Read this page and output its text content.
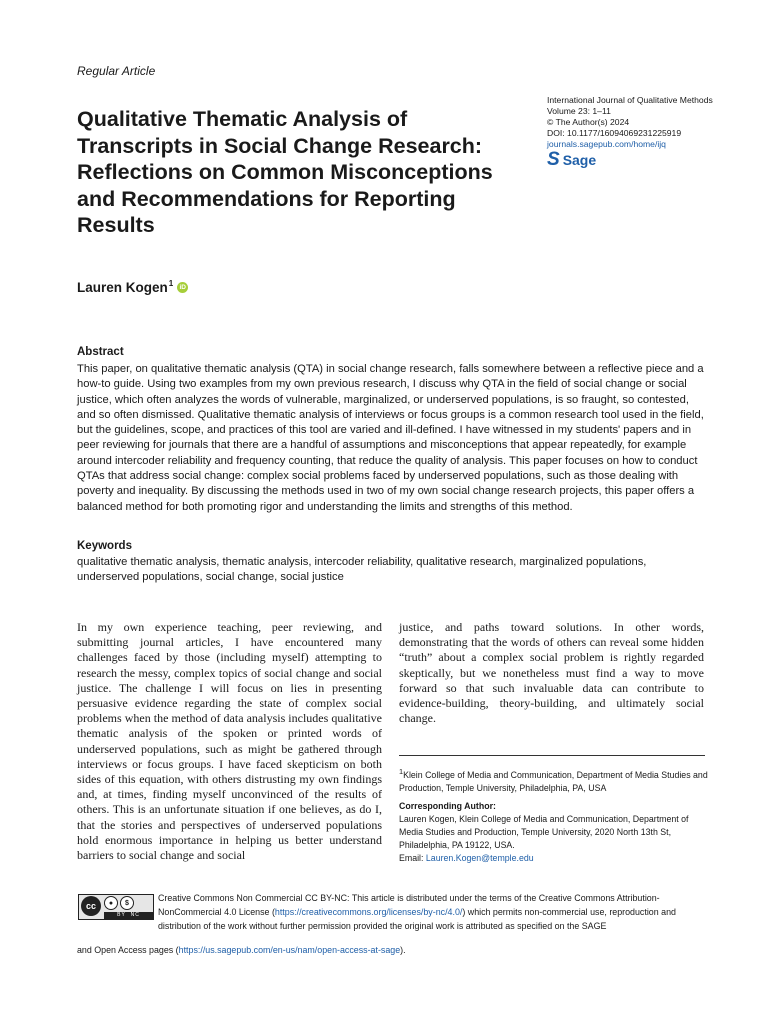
Regular Article
Qualitative Thematic Analysis of Transcripts in Social Change Research: Reflections on Common Misconceptions and Recommendations for Reporting Results
International Journal of Qualitative Methods
Volume 23: 1–11
© The Author(s) 2024
DOI: 10.1177/16094069231225919
journals.sagepub.com/home/ijq
S Sage
Lauren Kogen$^1$ iD
Abstract
This paper, on qualitative thematic analysis (QTA) in social change research, falls somewhere between a reflective piece and a how-to guide. Using two examples from my own previous research, I discuss why QTA in the field of social change or social justice, which often analyzes the words of vulnerable, marginalized, or underserved populations, is so fraught, so contested, and so often dismissed. Qualitative thematic analysis of interviews or focus groups is a common research tool used in the field, but the guidelines, scope, and practices of this tool are varied and ill-defined. I have witnessed in my students' papers and in peer reviewing for journals that there are a handful of assumptions and misconceptions that appear repeatedly, for example around intercoder reliability and frequency counting, that reduce the quality of analysis. This paper focuses on how to conduct QTAs that address social change: complex social problems faced by underserved populations, such as those dealing with poverty and inequality. By discussing the methods used in two of my own social change research projects, this paper offers a balanced method for both promoting rigor and understanding the limits and strengths of this method.
Keywords
qualitative thematic analysis, thematic analysis, intercoder reliability, qualitative research, marginalized populations, underserved populations, social change, social justice
In my own experience teaching, peer reviewing, and submitting journal articles, I have encountered many challenges faced by those (including myself) attempting to research the messy, complex topics of social change and social justice. The challenge I will focus on lies in presenting persuasive evidence regarding the state of complex social problems when the method of data analysis includes qualitative thematic analysis of the spoken or printed words of underserved populations, such as might be gathered through interviews or focus groups. I have faced skepticism on both sides of this equation, with others distrusting my own findings and, at times, finding myself unconvinced of the results of others. This is an unfortunate situation if one believes, as do I, that the stories and perspectives of underserved populations hold enormous importance in helping us better understand barriers to social change and social
justice, and paths toward solutions. In other words, demonstrating that the words of others can reveal some hidden “truth” about a complex social problem is rightly regarded skeptically, but we nonetheless must find a way to move forward so that such invaluable data can contribute to evidence-building, theory-building, and ultimately social change.
$^1$Klein College of Media and Communication, Department of Media Studies and Production, Temple University, Philadelphia, PA, USA
Corresponding Author:
Lauren Kogen, Klein College of Media and Communication, Department of Media Studies and Production, Temple University, 2020 North 13th St, Philadelphia, PA 19122, USA.
Email: Lauren.Kogen@temple.edu
cc	●	$
BY NC
Creative Commons Non Commercial CC BY-NC: This article is distributed under the terms of the Creative Commons Attribution-NonCommercial 4.0 License (https://creativecommons.org/licenses/by-nc/4.0/) which permits non-commercial use, reproduction and distribution of the work without further permission provided the original work is attributed as specified on the SAGE
and Open Access pages (https://us.sagepub.com/en-us/nam/open-access-at-sage).
